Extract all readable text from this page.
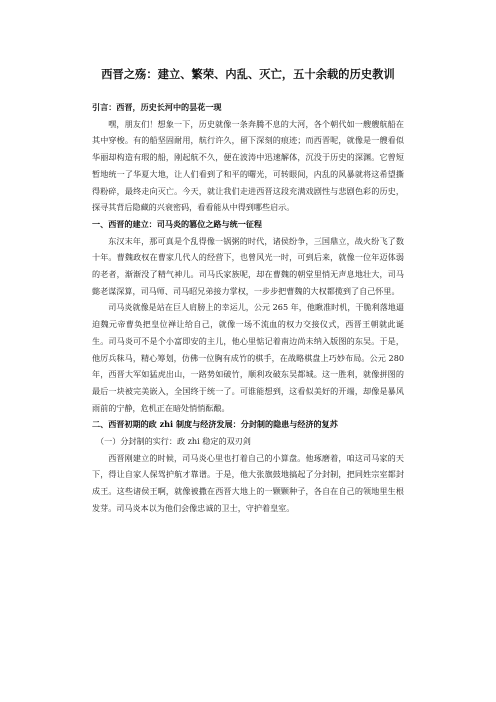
西晋之殇：建立、繁荣、内乱、灭亡，五十余载的历史教训
引言：西晋，历史长河中的昙花一现

嘿，朋友们！想象一下，历史就像一条奔腾不息的大河，各个朝代如一艘艘航船在其中穿梭。有的船坚固耐用，航行许久，留下深刻的痕迹；而西晋呢，就像是一艘看似华丽却构造有瑕的船，刚起航不久，便在波涛中迅速解体，沉没于历史的深渊。它曾短暂地统一了华夏大地，让人们看到了和平的曙光，可转眼间，内乱的风暴就将这希望撕得粉碎，最终走向灭亡。今天，就让我们走进西晋这段充满戏剧性与悲剧色彩的历史，探寻其背后隐藏的兴衰密码，看看能从中得到哪些启示。

一、西晋的建立：司马炎的篡位之路与统一征程

东汉末年，那可真是个乱得像一锅粥的时代，诸侯纷争，三国鼎立，战火纷飞了数十年。曹魏政权在曹家几代人的经营下，也曾风光一时，可到后来，就像一位年迈体弱的老者，渐渐没了精气神儿。司马氏家族呢，却在曹魏的朝堂里悄无声息地壮大，司马懿老谋深算，司马师、司马昭兄弟接力掌权，一步步把曹魏的大权都揽到了自己怀里。

司马炎就像是站在巨人肩膀上的幸运儿，公元 265 年，他瞅准时机，干脆利落地逼迫魏元帝曹奂把皇位禅让给自己，就像一场不流血的权力交接仪式，西晋王朝就此诞生。司马炎可不是个小富即安的主儿，他心里惦记着南边尚未纳入版图的东吴。于是，他厉兵秣马，精心筹划，仿佛一位胸有成竹的棋手，在战略棋盘上巧妙布局。公元 280 年，西晋大军如猛虎出山，一路势如破竹，顺利攻破东吴都城。这一胜利，就像拼图的最后一块被完美嵌入，全国终于统一了。可谁能想到，这看似美好的开端，却像是暴风雨前的宁静，危机正在暗处悄悄酝酿。

二、西晋初期的政 zhi 制度与经济发展：分封制的隐患与经济的复苏

（一）分封制的实行：政 zhi 稳定的双刃剑

西晋刚建立的时候，司马炎心里也打着自己的小算盘。他琢磨着，咱这司马家的天下，得让自家人保驾护航才靠谱。于是，他大张旗鼓地搞起了分封制，把同姓宗室都封成王。这些诸侯王啊，就像被撒在西晋大地上的一颗颗种子，各自在自己的领地里生根发芽。司马炎本以为他们会像忠诚的卫士，守护着皇室。
